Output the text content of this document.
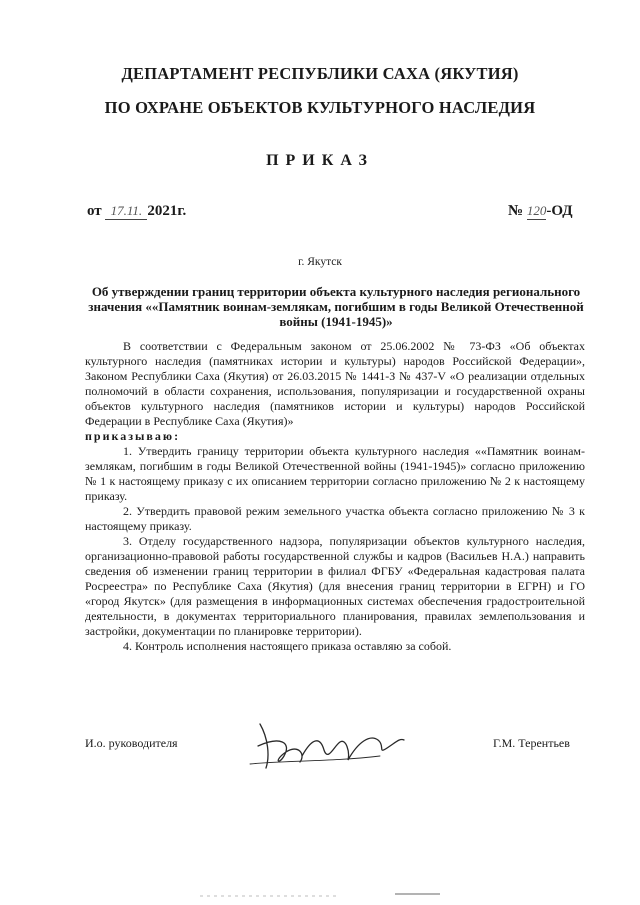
ДЕПАРТАМЕНТ РЕСПУБЛИКИ САХА (ЯКУТИЯ)
ПО ОХРАНЕ ОБЪЕКТОВ КУЛЬТУРНОГО НАСЛЕДИЯ
ПРИКАЗ
от 17.11. 2021г.	№ 120-ОД
г. Якутск
Об утверждении границ территории объекта культурного наследия регионального значения ««Памятник воинам-землякам, погибшим в годы Великой Отечественной войны (1941-1945)»

В соответствии с Федеральным законом от 25.06.2002 № 73-ФЗ «Об объектах культурного наследия (памятниках истории и культуры) народов Российской Федерации», Законом Республики Саха (Якутия) от 26.03.2015 № 1441-З № 437-V «О реализации отдельных полномочий в области сохранения, использования, популяризации и государственной охраны объектов культурного наследия (памятников истории и культуры) народов Российской Федерации в Республике Саха (Якутия)»

приказываю:

1. Утвердить границу территории объекта культурного наследия ««Памятник воинам-землякам, погибшим в годы Великой Отечественной войны (1941-1945)» согласно приложению № 1 к настоящему приказу с их описанием территории согласно приложению № 2 к настоящему приказу.

2. Утвердить правовой режим земельного участка объекта согласно приложению № 3 к настоящему приказу.

3. Отделу государственного надзора, популяризации объектов культурного наследия, организационно-правовой работы государственной службы и кадров (Васильев Н.А.) направить сведения об изменении границ территории в филиал ФГБУ «Федеральная кадастровая палата Росреестра» по Республике Саха (Якутия) (для внесения границ территории в ЕГРН) и ГО «город Якутск» (для размещения в информационных системах обеспечения градостроительной деятельности, в документах территориального планирования, правилах землепользования и застройки, документации по планировке территории).

4. Контроль исполнения настоящего приказа оставляю за собой.

И.о. руководителя	Г.М. Терентьев
